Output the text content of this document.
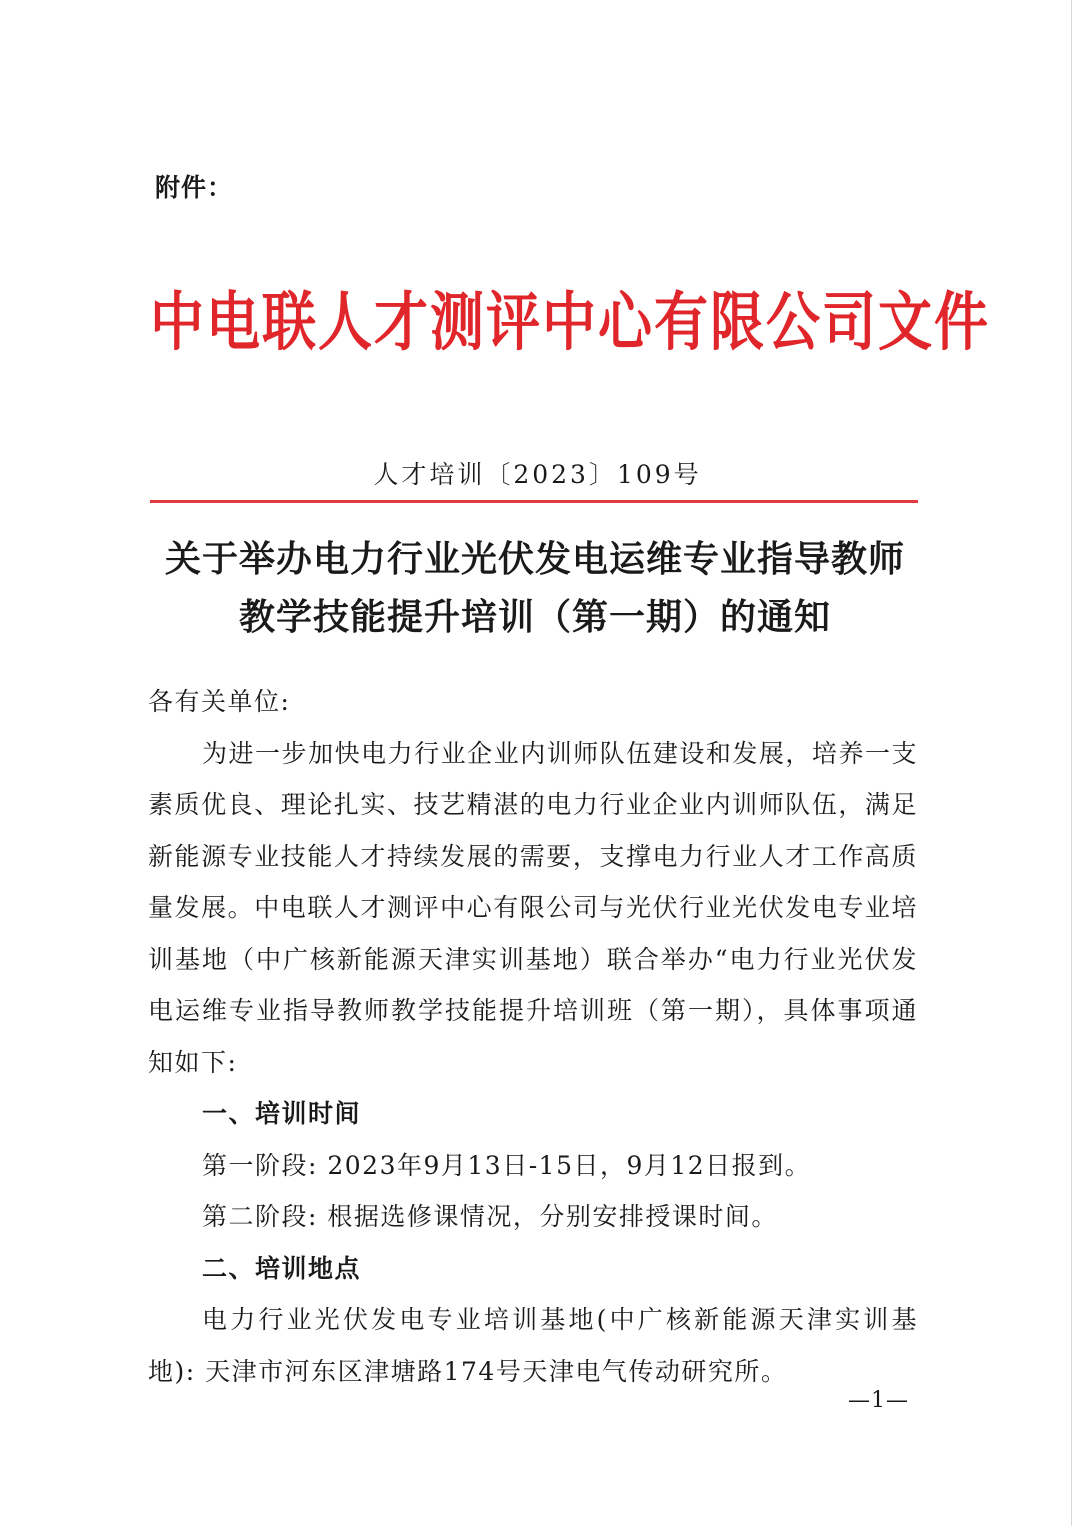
附件：
中电联人才测评中心有限公司文件
人才培训〔2023〕109号
关于举办电力行业光伏发电运维专业指导教师
教学技能提升培训（第一期）的通知

各有关单位:

为进一步加快电力行业企业内训师队伍建设和发展，培养一支素质优良、理论扎实、技艺精湛的电力行业企业内训师队伍，满足新能源专业技能人才持续发展的需要，支撑电力行业人才工作高质量发展。中电联人才测评中心有限公司与光伏行业光伏发电专业培训基地（中广核新能源天津实训基地）联合举办“电力行业光伏发电运维专业指导教师教学技能提升培训班（第一期），具体事项通知如下:

一、培训时间

第一阶段: 2023年9月13日-15日，9月12日报到。

第二阶段: 根据选修课情况，分别安排授课时间。

二、培训地点

电力行业光伏发电专业培训基地(中广核新能源天津实训基地): 天津市河东区津塘路174号天津电气传动研究所。

—1—
